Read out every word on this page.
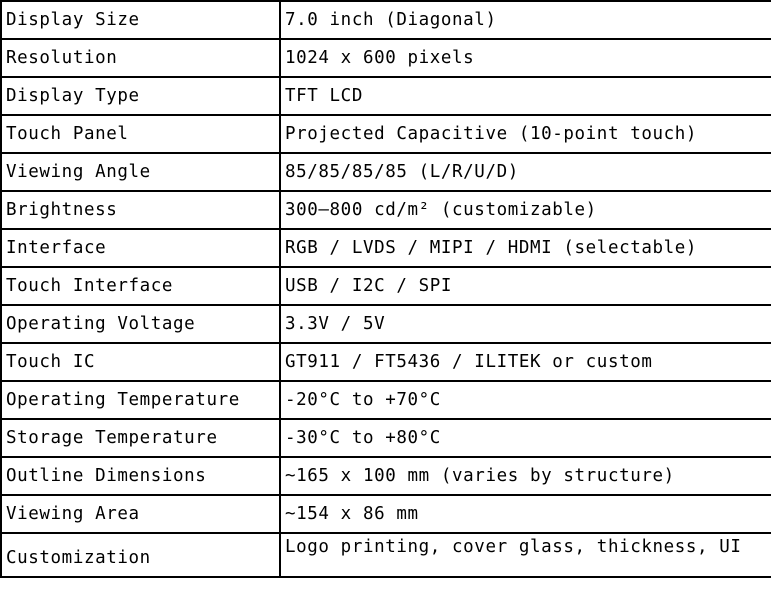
Display Size	7.0 inch (Diagonal)
Resolution	1024 x 600 pixels
Display Type	TFT LCD
Touch Panel	Projected Capacitive (10-point touch)
Viewing Angle	85/85/85/85 (L/R/U/D)
Brightness	300–800 cd/m² (customizable)
Interface	RGB / LVDS / MIPI / HDMI (selectable)
Touch Interface	USB / I2C / SPI
Operating Voltage	3.3V / 5V
Touch IC	GT911 / FT5436 / ILITEK or custom
Operating Temperature	-20°C to +70°C
Storage Temperature	-30°C to +80°C
Outline Dimensions	~165 x 100 mm (varies by structure)
Viewing Area	~154 x 86 mm
Customization	Logo printing, cover glass, thickness, UI
